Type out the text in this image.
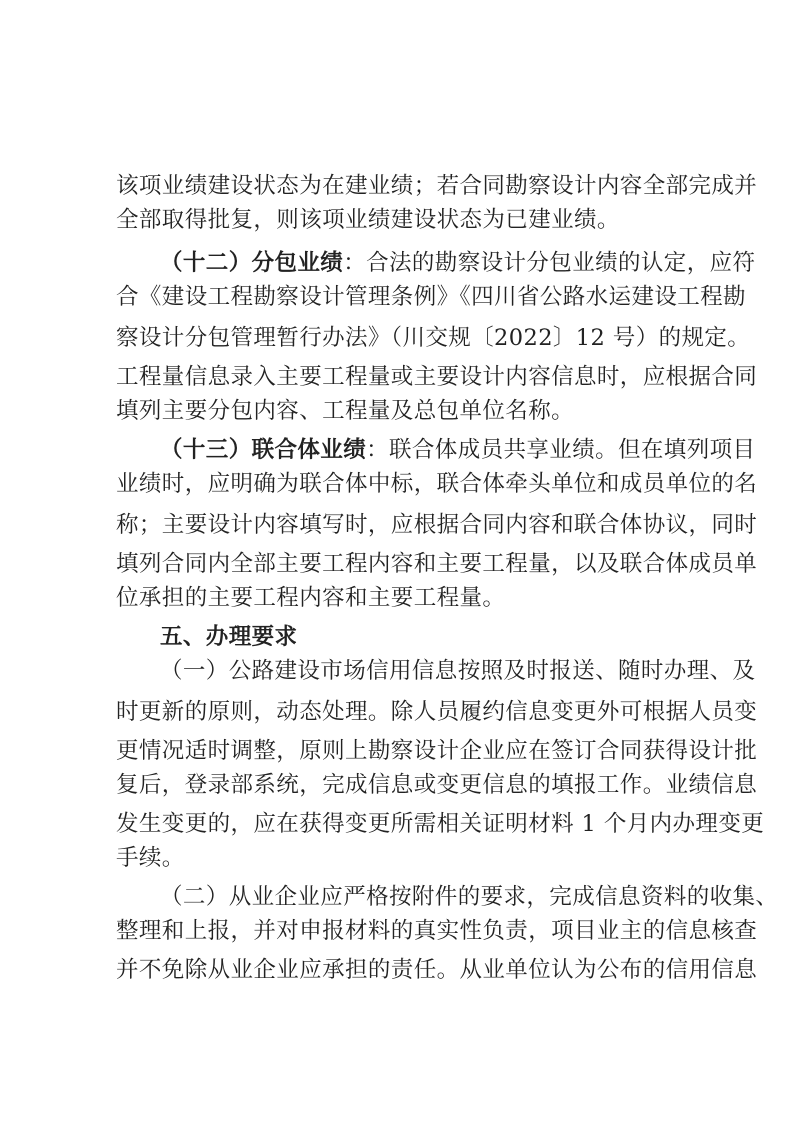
该项业绩建设状态为在建业绩；若合同勘察设计内容全部完成并
全部取得批复，则该项业绩建设状态为已建业绩。
（十二）分包业绩：合法的勘察设计分包业绩的认定，应符
合《建设工程勘察设计管理条例》《四川省公路水运建设工程勘
察设计分包管理暂行办法》（川交规〔2022〕12 号）的规定。
工程量信息录入主要工程量或主要设计内容信息时，应根据合同
填列主要分包内容、工程量及总包单位名称。
（十三）联合体业绩：联合体成员共享业绩。但在填列项目
业绩时，应明确为联合体中标，联合体牵头单位和成员单位的名
称；主要设计内容填写时，应根据合同内容和联合体协议，同时
填列合同内全部主要工程内容和主要工程量，以及联合体成员单
位承担的主要工程内容和主要工程量。
五、办理要求
（一）公路建设市场信用信息按照及时报送、随时办理、及
时更新的原则，动态处理。除人员履约信息变更外可根据人员变
更情况适时调整，原则上勘察设计企业应在签订合同获得设计批
复后，登录部系统，完成信息或变更信息的填报工作。业绩信息
发生变更的，应在获得变更所需相关证明材料 1 个月内办理变更
手续。
（二）从业企业应严格按附件的要求，完成信息资料的收集、
整理和上报，并对申报材料的真实性负责，项目业主的信息核查
并不免除从业企业应承担的责任。从业单位认为公布的信用信息
